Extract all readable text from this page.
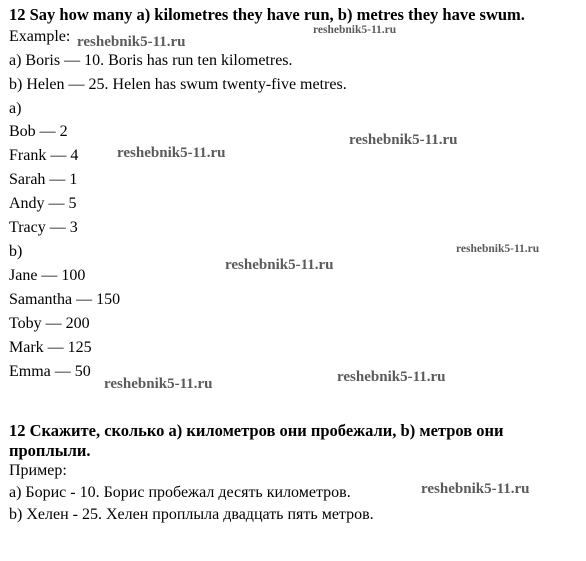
12 Say how many a) kilometres they have run, b) metres they have swum.
Example:
a) Boris — 10. Boris has run ten kilometres.
b) Helen — 25. Helen has swum twenty-five metres.
a)
Bob — 2
Frank — 4
Sarah — 1
Andy — 5
Tracy — 3
b)
Jane — 100
Samantha — 150
Toby — 200
Mark — 125
Emma — 50
12 Скажите, сколько а) километров они пробежали, b) метров они
проплыли.
Пример:
а) Борис - 10. Борис пробежал десять километров.
b) Хелен - 25. Хелен проплыла двадцать пять метров.
reshebnik5-11.ru
reshebnik5-11.ru
reshebnik5-11.ru
reshebnik5-11.ru
reshebnik5-11.ru
reshebnik5-11.ru
reshebnik5-11.ru
reshebnik5-11.ru
reshebnik5-11.ru
